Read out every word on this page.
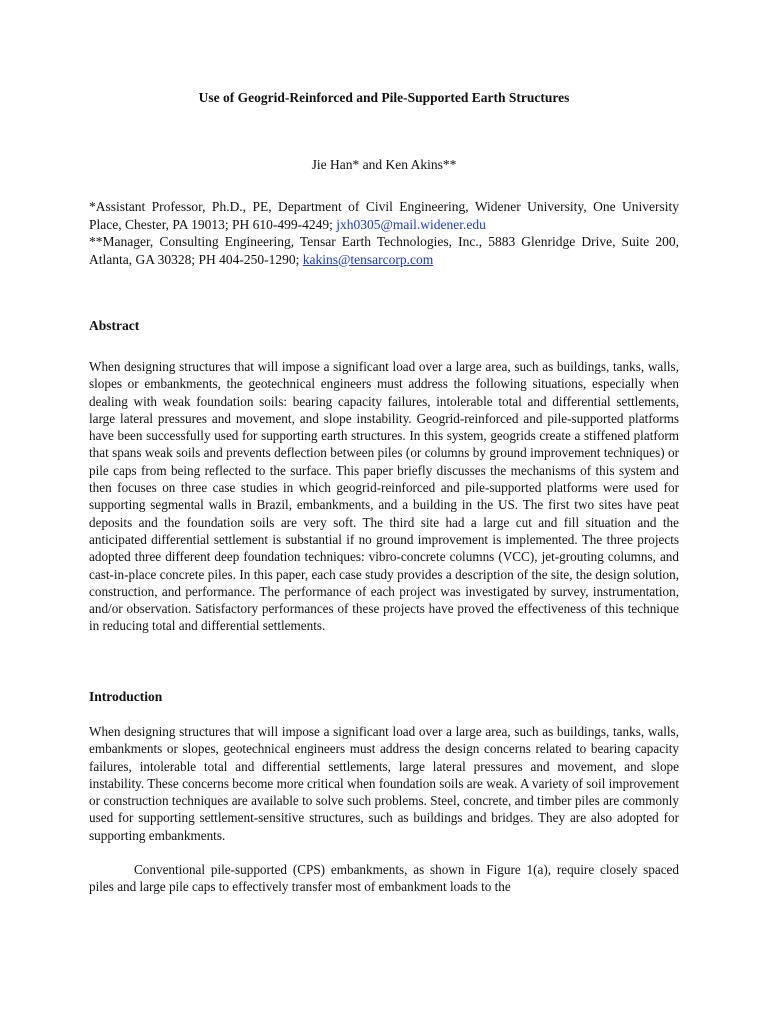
Use of Geogrid-Reinforced and Pile-Supported Earth Structures
Jie Han* and Ken Akins**
*Assistant Professor, Ph.D., PE, Department of Civil Engineering, Widener University, One University Place, Chester, PA 19013; PH 610-499-4249; jxh0305@mail.widener.edu
**Manager, Consulting Engineering, Tensar Earth Technologies, Inc., 5883 Glenridge Drive, Suite 200, Atlanta, GA 30328; PH 404-250-1290; kakins@tensarcorp.com
Abstract

When designing structures that will impose a significant load over a large area, such as buildings, tanks, walls, slopes or embankments, the geotechnical engineers must address the following situations, especially when dealing with weak foundation soils: bearing capacity failures, intolerable total and differential settlements, large lateral pressures and movement, and slope instability. Geogrid-reinforced and pile-supported platforms have been successfully used for supporting earth structures. In this system, geogrids create a stiffened platform that spans weak soils and prevents deflection between piles (or columns by ground improvement techniques) or pile caps from being reflected to the surface. This paper briefly discusses the mechanisms of this system and then focuses on three case studies in which geogrid-reinforced and pile-supported platforms were used for supporting segmental walls in Brazil, embankments, and a building in the US. The first two sites have peat deposits and the foundation soils are very soft. The third site had a large cut and fill situation and the anticipated differential settlement is substantial if no ground improvement is implemented. The three projects adopted three different deep foundation techniques: vibro-concrete columns (VCC), jet-grouting columns, and cast-in-place concrete piles. In this paper, each case study provides a description of the site, the design solution, construction, and performance. The performance of each project was investigated by survey, instrumentation, and/or observation. Satisfactory performances of these projects have proved the effectiveness of this technique in reducing total and differential settlements.

Introduction

When designing structures that will impose a significant load over a large area, such as buildings, tanks, walls, embankments or slopes, geotechnical engineers must address the design concerns related to bearing capacity failures, intolerable total and differential settlements, large lateral pressures and movement, and slope instability. These concerns become more critical when foundation soils are weak. A variety of soil improvement or construction techniques are available to solve such problems. Steel, concrete, and timber piles are commonly used for supporting settlement-sensitive structures, such as buildings and bridges. They are also adopted for supporting embankments.

Conventional pile-supported (CPS) embankments, as shown in Figure 1(a), require closely spaced piles and large pile caps to effectively transfer most of embankment loads to the
